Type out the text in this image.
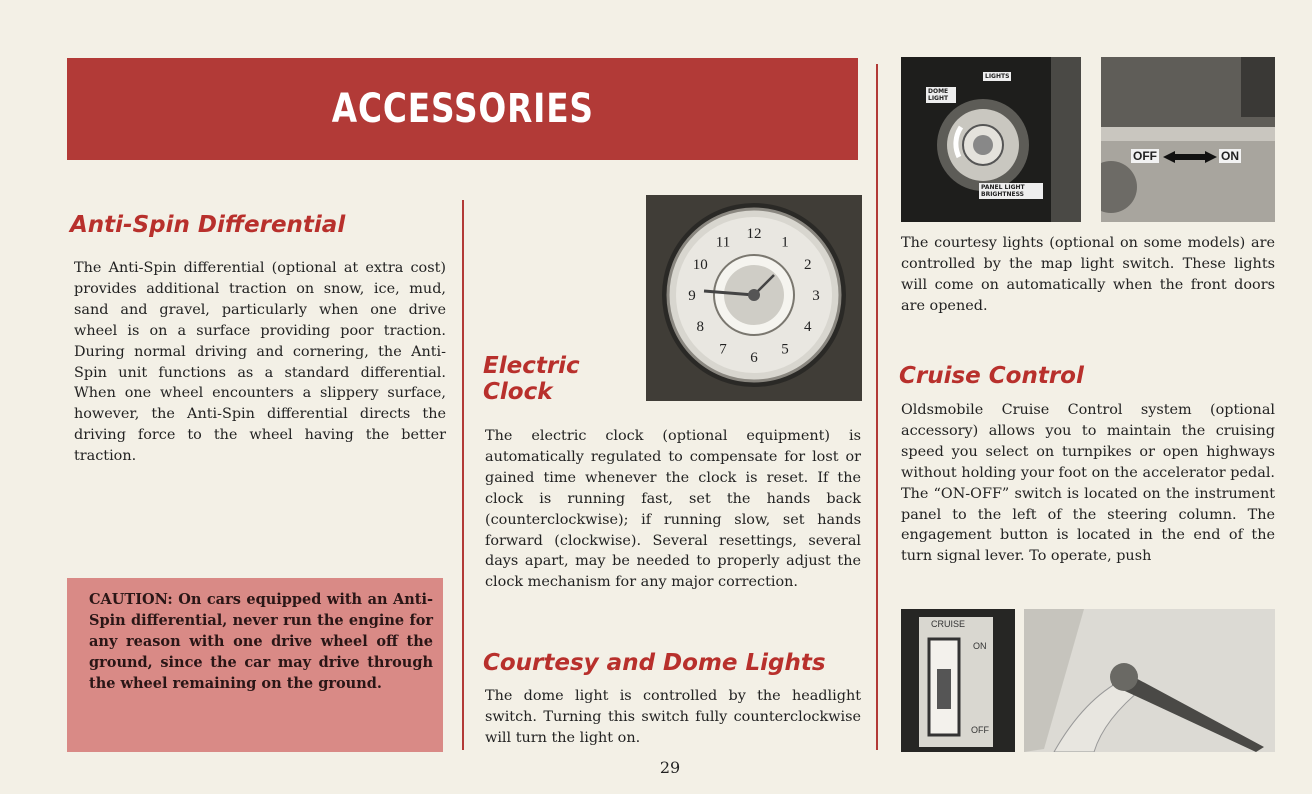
ACCESSORIES
Anti-Spin Differential
The Anti-Spin differential (optional at extra cost) provides additional traction on snow, ice, mud, sand and gravel, particularly when one drive wheel is on a surface providing poor traction. During normal driving and cornering, the Anti-Spin unit functions as a standard differential. When one wheel encounters a slippery surface, however, the Anti-Spin differential directs the driving force to the wheel having the better traction.

CAUTION: On cars equipped with an Anti-Spin differential, never run the engine for any reason with one drive wheel off the ground, since the car may drive through the wheel remaining on the ground.

12
1
2
3
4
5
6
7
8
9
10
11
Electric
Clock
The electric clock (optional equipment) is automatically regulated to compensate for lost or gained time whenever the clock is reset. If the clock is running fast, set the hands back (counterclockwise); if running slow, set hands forward (clockwise). Several resettings, several days apart, may be needed to properly adjust the clock mechanism for any major correction.
Courtesy and Dome Lights
The dome light is controlled by the headlight switch. Turning this switch fully counterclockwise will turn the light on.
LIGHTS
DOME LIGHT
PANEL LIGHT BRIGHTNESS
OFF	ON
The courtesy lights (optional on some models) are controlled by the map light switch. These lights will come on automatically when the front doors are opened.
Cruise Control
Oldsmobile Cruise Control system (optional accessory) allows you to maintain the cruising speed you select on turnpikes or open highways without holding your foot on the accelerator pedal. The “ON-OFF” switch is located on the instrument panel to the left of the steering column. The engagement button is located in the end of the turn signal lever. To operate, push
CRUISE
ON
OFF
29
